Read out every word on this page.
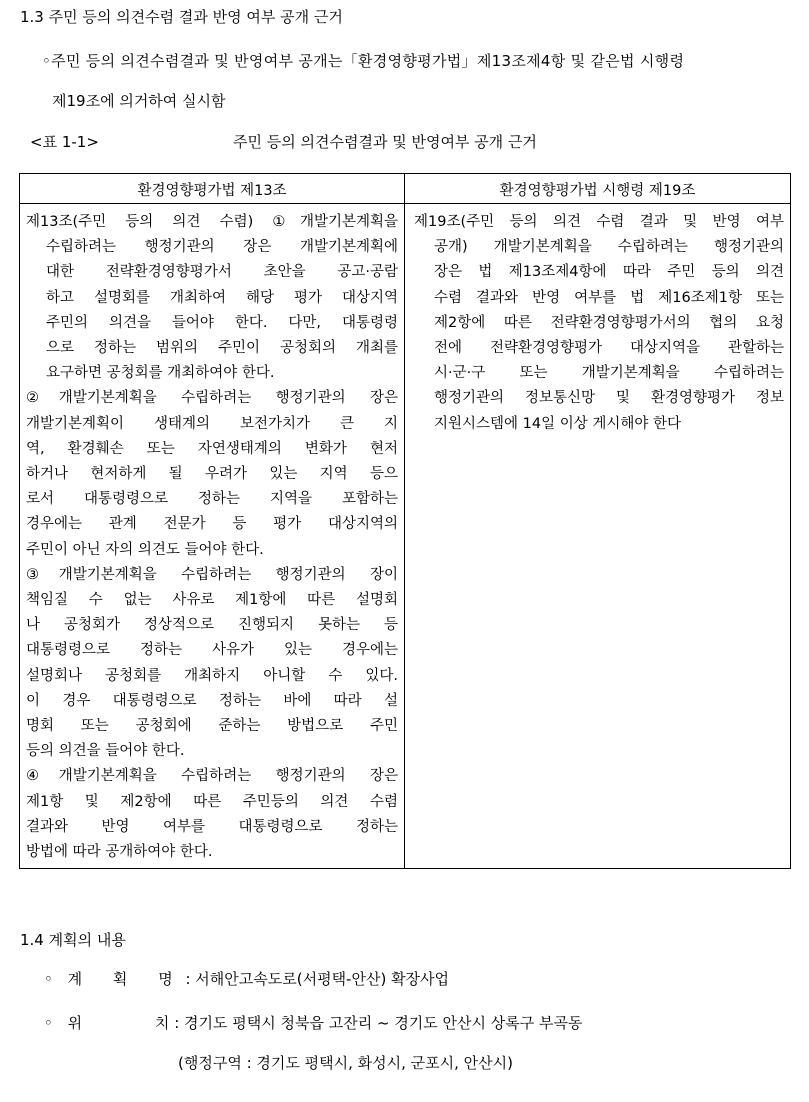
1.3 주민 등의 의견수렴 결과 반영 여부 공개 근거
◦주민 등의 의견수렴결과 및 반영여부 공개는「환경영향평가법」제13조제4항 및 같은법 시행령
제19조에 의거하여 실시함
<표 1-1>	주민 등의 의견수렴결과 및 반영여부 공개 근거
환경영향평가법 제13조	환경영향평가법 시행령 제19조
제13조(주민 등의 의견 수렴) ①개발기본계획을
수립하려는 행정기관의 장은 개발기본계획에
대한 전략환경영향평가서 초안을 공고·공람
하고 설명회를 개최하여 해당 평가 대상지역
주민의 의견을 들어야 한다. 다만, 대통령령
으로 정하는 범위의 주민이 공청회의 개최를
요구하면 공청회를 개최하여야 한다.
②개발기본계획을 수립하려는 행정기관의 장은
개발기본계획이 생태계의 보전가치가 큰 지
역, 환경훼손 또는 자연생태계의 변화가 현저
하거나 현저하게 될 우려가 있는 지역 등으
로서 대통령령으로 정하는 지역을 포함하는
경우에는 관계 전문가 등 평가 대상지역의
주민이 아닌 자의 의견도 들어야 한다.
③개발기본계획을 수립하려는 행정기관의 장이
책임질 수 없는 사유로 제1항에 따른 설명회
나 공청회가 정상적으로 진행되지 못하는 등
대통령령으로 정하는 사유가 있는 경우에는
설명회나 공청회를 개최하지 아니할 수 있다.
이 경우 대통령령으로 정하는 바에 따라 설
명회 또는 공청회에 준하는 방법으로 주민
등의 의견을 들어야 한다.
④개발기본계획을 수립하려는 행정기관의 장은
제1항 및 제2항에 따른 주민등의 의견 수렴
결과와 반영 여부를 대통령령으로 정하는
방법에 따라 공개하여야 한다.
제19조(주민 등의 의견 수렴 결과 및 반영 여부
공개) 개발기본계획을 수립하려는 행정기관의
장은 법 제13조제4항에 따라 주민 등의 의견
수렴 결과와 반영 여부를 법 제16조제1항 또는
제2항에 따른 전략환경영향평가서의 협의 요청
전에 전략환경영향평가 대상지역을 관할하는
시·군·구 또는 개발기본계획을 수립하려는
행정기관의 정보통신망 및 환경영향평가 정보
지원시스템에 14일 이상 게시해야 한다
1.4 계획의 내용
◦ 계 획 명 : 서해안고속도로(서평택-안산) 확장사업
◦ 위	치 : 경기도 평택시 청북읍 고잔리 ~ 경기도 안산시 상록구 부곡동
(행정구역 : 경기도 평택시, 화성시, 군포시, 안산시)
